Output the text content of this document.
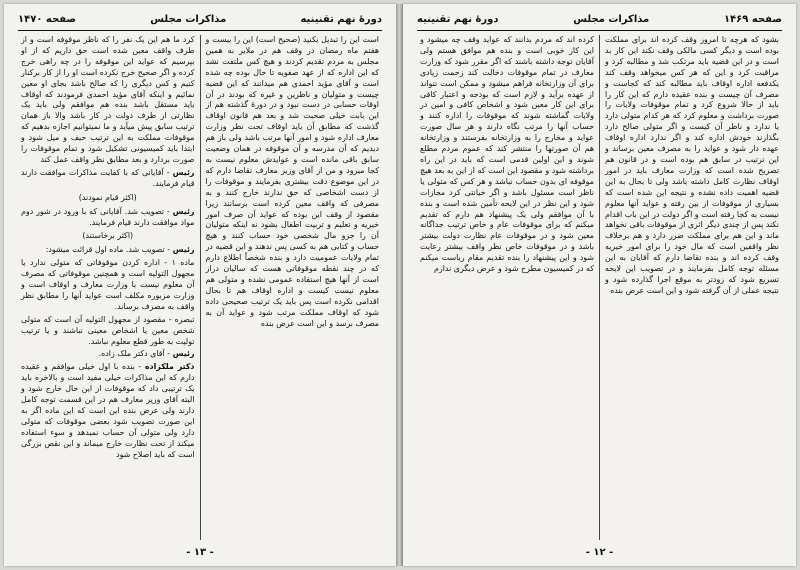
دورهٔ نهم تقنینیه
مذاکرات مجلس
صفحه ۱۴۷۰

است این را تبدیل بکنید (صحیح است) این را بیست و هفتم ماه رمضان در وقف هم در ملایر به همین مجلس به مردم تقدیم کردند و هیچ کس ملتفت نشد که این اداره که از عهد صفویه تا حال بوده چه شده است و آقای مؤید احمدی هم میدانند که این قضیه چیست و متولیان و ناظرین و غیره که بودند در آن اوقات حسابی در دست نبود و در دورهٔ گذشته هم از این بابت خیلی صحبت شد و بعد هم قانون اوقاف گذشت که مطابق آن باید اوقاف تحت نظر وزارت معارف اداره شود و امور آنها مرتب باشد ولی باز هم دیدیم که آن مدرسه و آن موقوفه در همان وضعیت سابق باقی مانده است و عوایدش معلوم نیست به کجا میرود و من از آقای وزیر معارف تقاضا دارم که در این موضوع دقت بیشتری بفرمایند و موقوفات را از دست اشخاصی که حق ندارند خارج کنند و به مصرفی که واقف معین کرده است برسانند زیرا مقصود از وقف این بوده که عواید آن صرف امور خیریه و تعلیم و تربیت اطفال بشود نه اینکه متولیان آن را جزو مال شخصی خود حساب کنند و هیچ حساب و کتابی هم به کسی پس ندهند و این قضیه در تمام ولایات عمومیت دارد و بنده شخصاً اطلاع دارم که در چند نقطه موقوفاتی هست که سالیان دراز است از آنها هیچ استفاده عمومی نشده و متولی هم معلوم نیست کیست و اداره اوقاف هم تا بحال اقدامی نکرده است پس باید یک ترتیب صحیحی داده شود که اوقاف مملکت مرتب شود و عواید آن به مصرف برسد و این است عرض بنده

کرد ما هم این یک نفر را که ناظر موقوفه است و از طرف واقف معین شده است حق داریم که از او بپرسیم که عواید این موقوفه را در چه راهی خرج کرده و اگر صحیح خرج نکرده است او را از کار برکنار کنیم و کس دیگری را که صالح باشد بجای او معین نمائیم و اینکه آقای مؤید احمدی فرمودند که اوقاف باید مستقل باشد بنده هم موافقم ولی باید یک نظارتی از طرف دولت در کار باشد والا باز همان ترتیب سابق پیش میآید و ما نمیتوانیم اجازه بدهیم که موقوفات مملکت به این ترتیب حیف و میل شود و ابتدا باید کمیسیونی تشکیل شود و تمام موقوفات را صورت بردارد و بعد مطابق نظر واقف عمل کند

رئیس - آقایانی که با کفایت مذاکرات موافقت دارند قیام فرمایند.

(اکثر قیام نمودند)

رئیس - تصویب شد. آقایانی که با ورود در شور دوم مواد موافقت دارند قیام فرمایند.

(اکثر برخاستند)

رئیس - تصویب شد. ماده اول قرائت میشود:

ماده ۱ - اداره کردن موقوفاتی که متولی ندارد یا مجهول التولیه است و همچنین موقوفاتی که مصرف آن معلوم نیست با وزارت معارف و اوقاف است و وزارت مزبوره مکلف است عواید آنها را مطابق نظر واقف به مصرف برساند.

تبصره - مقصود از مجهول التولیه آن است که متولی شخص معین یا اشخاص معینی نباشند و یا ترتیب تولیت به طور قطع معلوم نباشد.

رئیس - آقای دکتر ملک زاده.

دکتر ملکزاده - بنده با اول خیلی موافقم و عقیده دارم که این مذاکرات خیلی مفید است و بالاخره باید یک ترتیبی داد که موقوفات از این حال خارج شود و البته آقای وزیر معارف هم در این قسمت توجه کامل دارند ولی عرض بنده این است که این ماده اگر به این صورت تصویب شود بعضی موقوفات که متولی دارد ولی متولی آن حساب نمیدهد و سوء استفاده میکند از تحت نظارت خارج میماند و این نقص بزرگی است که باید اصلاح شود

- ۱۳ -
صفحه ۱۴۶۹
مذاکرات مجلس
دورهٔ نهم تقنینیه

بشود که هرچه تا امروز وقف کرده اند برای مملکت بوده است و دیگر کسی مالکی وقف نکند این کار بد است و در این قضیه باید مرتکب شد و مطالبه کرد و مراقبت کرد و این که هر کس میخواهد وقف کند یکدفعه اداره اوقاف باید مطالبه کند که کجاست و مصرف آن چیست و بنده عقیده دارم که این کار را باید از حالا شروع کرد و تمام موقوفات ولایات را صورت برداشت و معلوم کرد که هر کدام متولی دارد یا ندارد و ناظر آن کیست و اگر متولی صالح دارد بگذارند خودش اداره کند و اگر ندارد اداره اوقاف عهده دار شود و عواید را به مصرف معین برساند و این ترتیب در سابق هم بوده است و در قانون هم تصریح شده است که وزارت معارف باید در امور اوقاف نظارت کامل داشته باشد ولی تا بحال به این قضیه اهمیت داده نشده و نتیجه این شده است که بسیاری از موقوفات از بین رفته و عواید آنها معلوم نیست به کجا رفته است و اگر دولت در این باب اقدام نکند پس از چندی دیگر اثری از موقوفات باقی نخواهد ماند و این هم برای مملکت ضرر دارد و هم برخلاف نظر واقفین است که مال خود را برای امور خیریه وقف کرده اند و بنده تقاضا دارم که آقایان به این مسئله توجه کامل بفرمایند و در تصویب این لایحه تسریع شود که زودتر به موقع اجرا گذارده شود و نتیجه عملی از آن گرفته شود و این است عرض بنده

کرده اند که مردم بدانند که عواید وقف چه میشود و این کار خوبی است و بنده هم موافق هستم ولی آقایان توجه داشته باشند که اگر مقرر شود که وزارت معارف در تمام موقوفات دخالت کند زحمت زیادی برای آن وزارتخانه فراهم میشود و ممکن است نتواند از عهده برآید و لازم است که بودجه و اعتبار کافی برای این کار معین شود و اشخاص کافی و امین در ولایات گماشته شوند که موقوفات را اداره کنند و حساب آنها را مرتب نگاه دارند و هر سال صورت عواید و مخارج را به وزارتخانه بفرستند و وزارتخانه هم آن صورتها را منتشر کند که عموم مردم مطلع شوند و این اولین قدمی است که باید در این راه برداشته شود و مقصود این است که از این به بعد هیچ موقوفه ای بدون حساب نباشد و هر کس که متولی یا ناظر است مسئول باشد و اگر خیانتی کرد مجازات شود و این نظر در این لایحه تأمین شده است و بنده با آن موافقم ولی یک پیشنهاد هم دارم که تقدیم میکنم که برای موقوفات عام و خاص ترتیب جداگانه معین شود و در موقوفات عام نظارت دولت بیشتر باشد و در موقوفات خاص نظر واقف بیشتر رعایت شود و این پیشنهاد را بنده تقدیم مقام ریاست میکنم که در کمیسیون مطرح شود و عرض دیگری ندارم

- ۱۲ -
